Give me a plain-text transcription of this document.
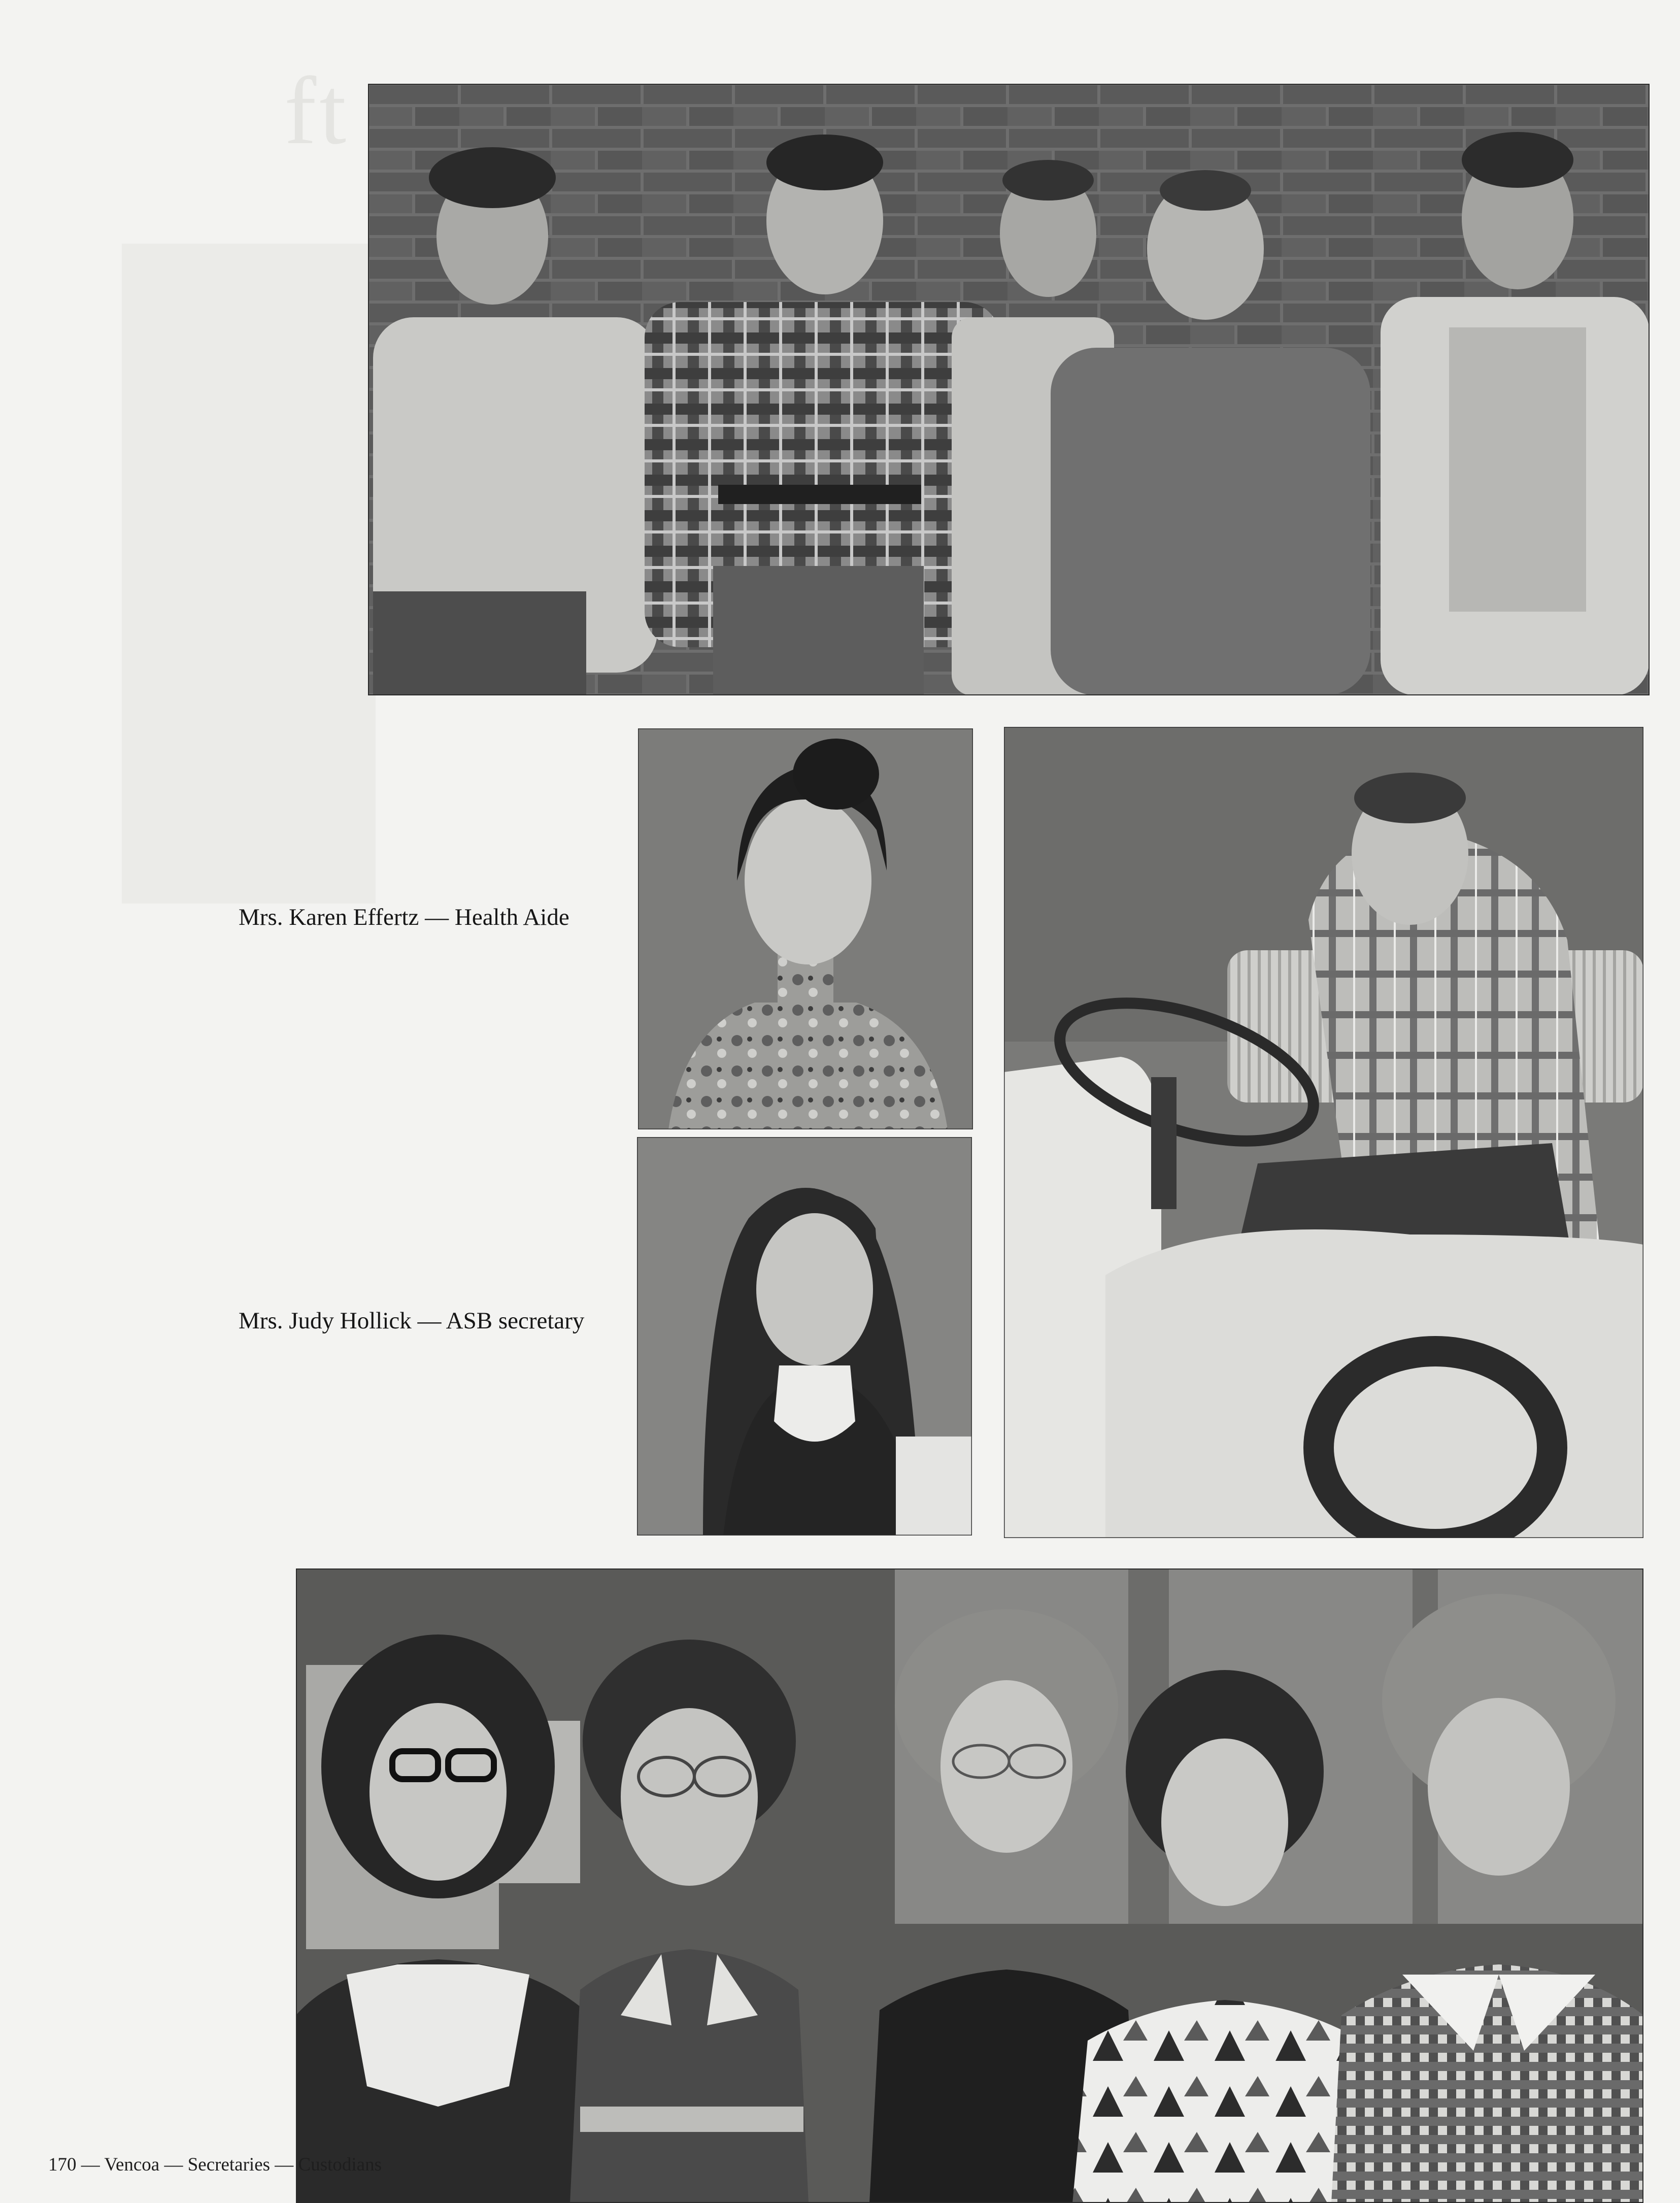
ft
Mrs. Karen Effertz — Health Aide
Mrs. Judy Hollick — ASB secretary
170 — Vencoa — Secretaries — Custodians
